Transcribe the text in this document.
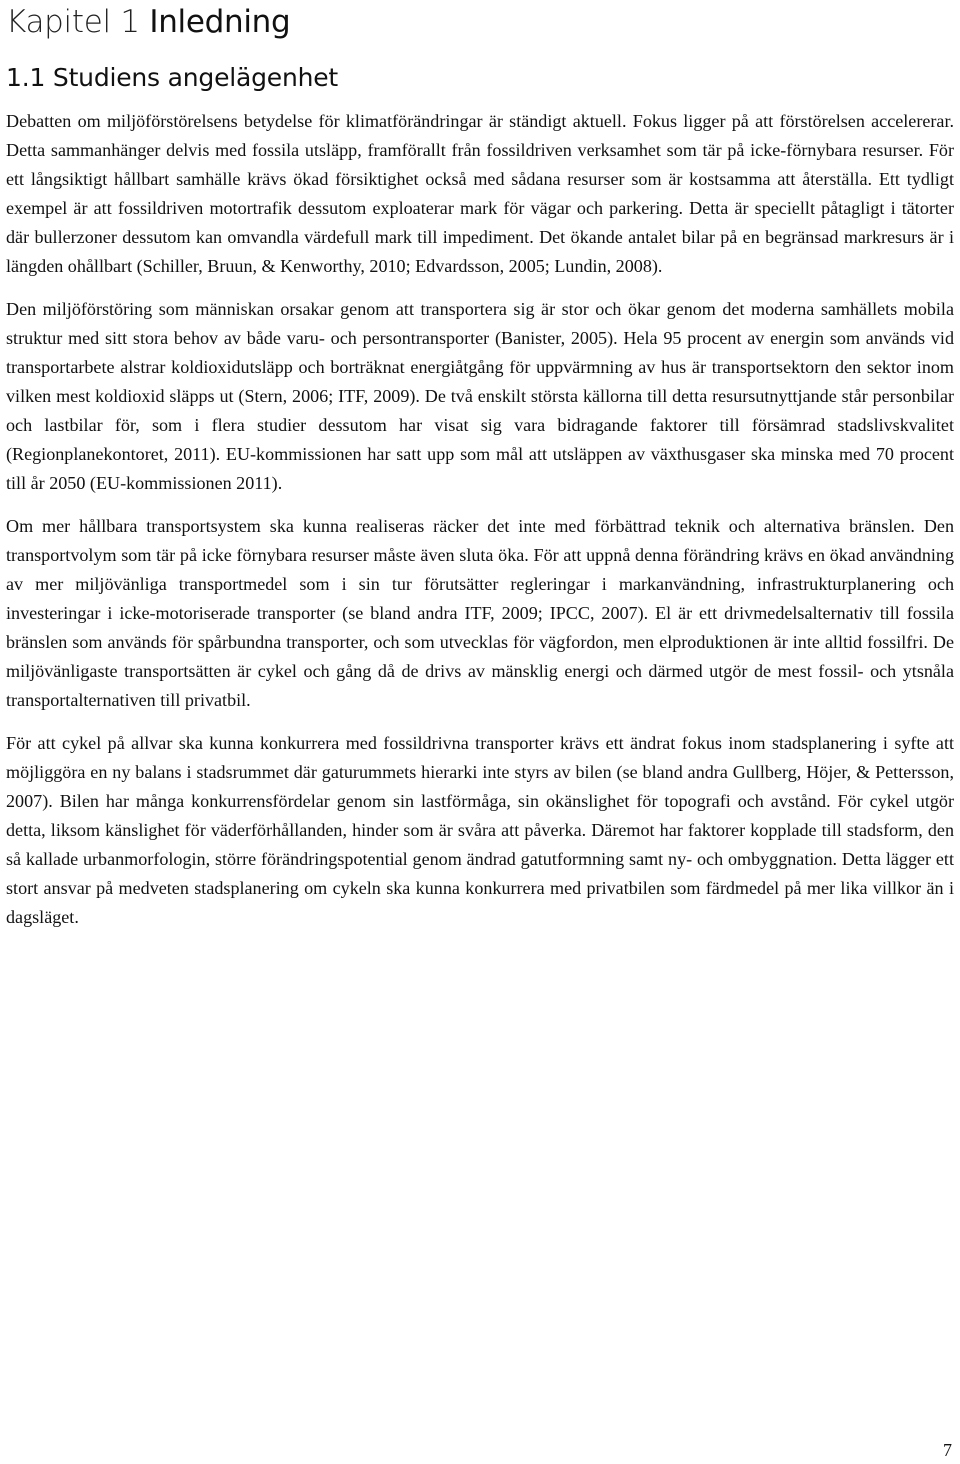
Kapitel 1 Inledning
1.1 Studiens angelägenhet

Debatten om miljöförstörelsens betydelse för klimatförändringar är ständigt aktuell. Fokus ligger på att förstörelsen accelererar. Detta sammanhänger delvis med fossila utsläpp, framförallt från fossildriven verksamhet som tär på icke-förnybara resurser. För ett långsiktigt hållbart samhälle krävs ökad försiktighet också med sådana resurser som är kostsamma att återställa. Ett tydligt exempel är att fossildriven motortrafik dessutom exploaterar mark för vägar och parkering. Detta är speciellt påtagligt i tätorter där bullerzoner dessutom kan omvandla värdefull mark till impediment. Det ökande antalet bilar på en begränsad markresurs är i längden ohållbart (Schiller, Bruun, & Kenworthy, 2010; Edvardsson, 2005; Lundin, 2008).

Den miljöförstöring som människan orsakar genom att transportera sig är stor och ökar genom det moderna samhällets mobila struktur med sitt stora behov av både varu- och persontransporter (Banister, 2005). Hela 95 procent av energin som används vid transportarbete alstrar koldioxidutsläpp och borträknat energiåtgång för uppvärmning av hus är transportsektorn den sektor inom vilken mest koldioxid släpps ut (Stern, 2006; ITF, 2009). De två enskilt största källorna till detta resursutnyttjande står personbilar och lastbilar för, som i flera studier dessutom har visat sig vara bidragande faktorer till försämrad stadslivskvalitet (Regionplanekontoret, 2011). EU-kommissionen har satt upp som mål att utsläppen av växthusgaser ska minska med 70 procent till år 2050 (EU-kommissionen 2011).

Om mer hållbara transportsystem ska kunna realiseras räcker det inte med förbättrad teknik och alternativa bränslen. Den transportvolym som tär på icke förnybara resurser måste även sluta öka. För att uppnå denna förändring krävs en ökad användning av mer miljövänliga transportmedel som i sin tur förutsätter regleringar i markanvändning, infrastrukturplanering och investeringar i icke-motoriserade transporter (se bland andra ITF, 2009; IPCC, 2007). El är ett drivmedelsalternativ till fossila bränslen som används för spårbundna transporter, och som utvecklas för vägfordon, men elproduktionen är inte alltid fossilfri. De miljövänligaste transportsätten är cykel och gång då de drivs av mänsklig energi och därmed utgör de mest fossil- och ytsnåla transportalternativen till privatbil.

För att cykel på allvar ska kunna konkurrera med fossildrivna transporter krävs ett ändrat fokus inom stadsplanering i syfte att möjliggöra en ny balans i stadsrummet där gaturummets hierarki inte styrs av bilen (se bland andra Gullberg, Höjer, & Pettersson, 2007). Bilen har många konkurrensfördelar genom sin lastförmåga, sin okänslighet för topografi och avstånd. För cykel utgör detta, liksom känslighet för väderförhållanden, hinder som är svåra att påverka. Däremot har faktorer kopplade till stadsform, den så kallade urbanmorfologin, större förändringspotential genom ändrad gatutformning samt ny- och ombyggnation. Detta lägger ett stort ansvar på medveten stadsplanering om cykeln ska kunna konkurrera med privatbilen som färdmedel på mer lika villkor än i dagsläget.

7
